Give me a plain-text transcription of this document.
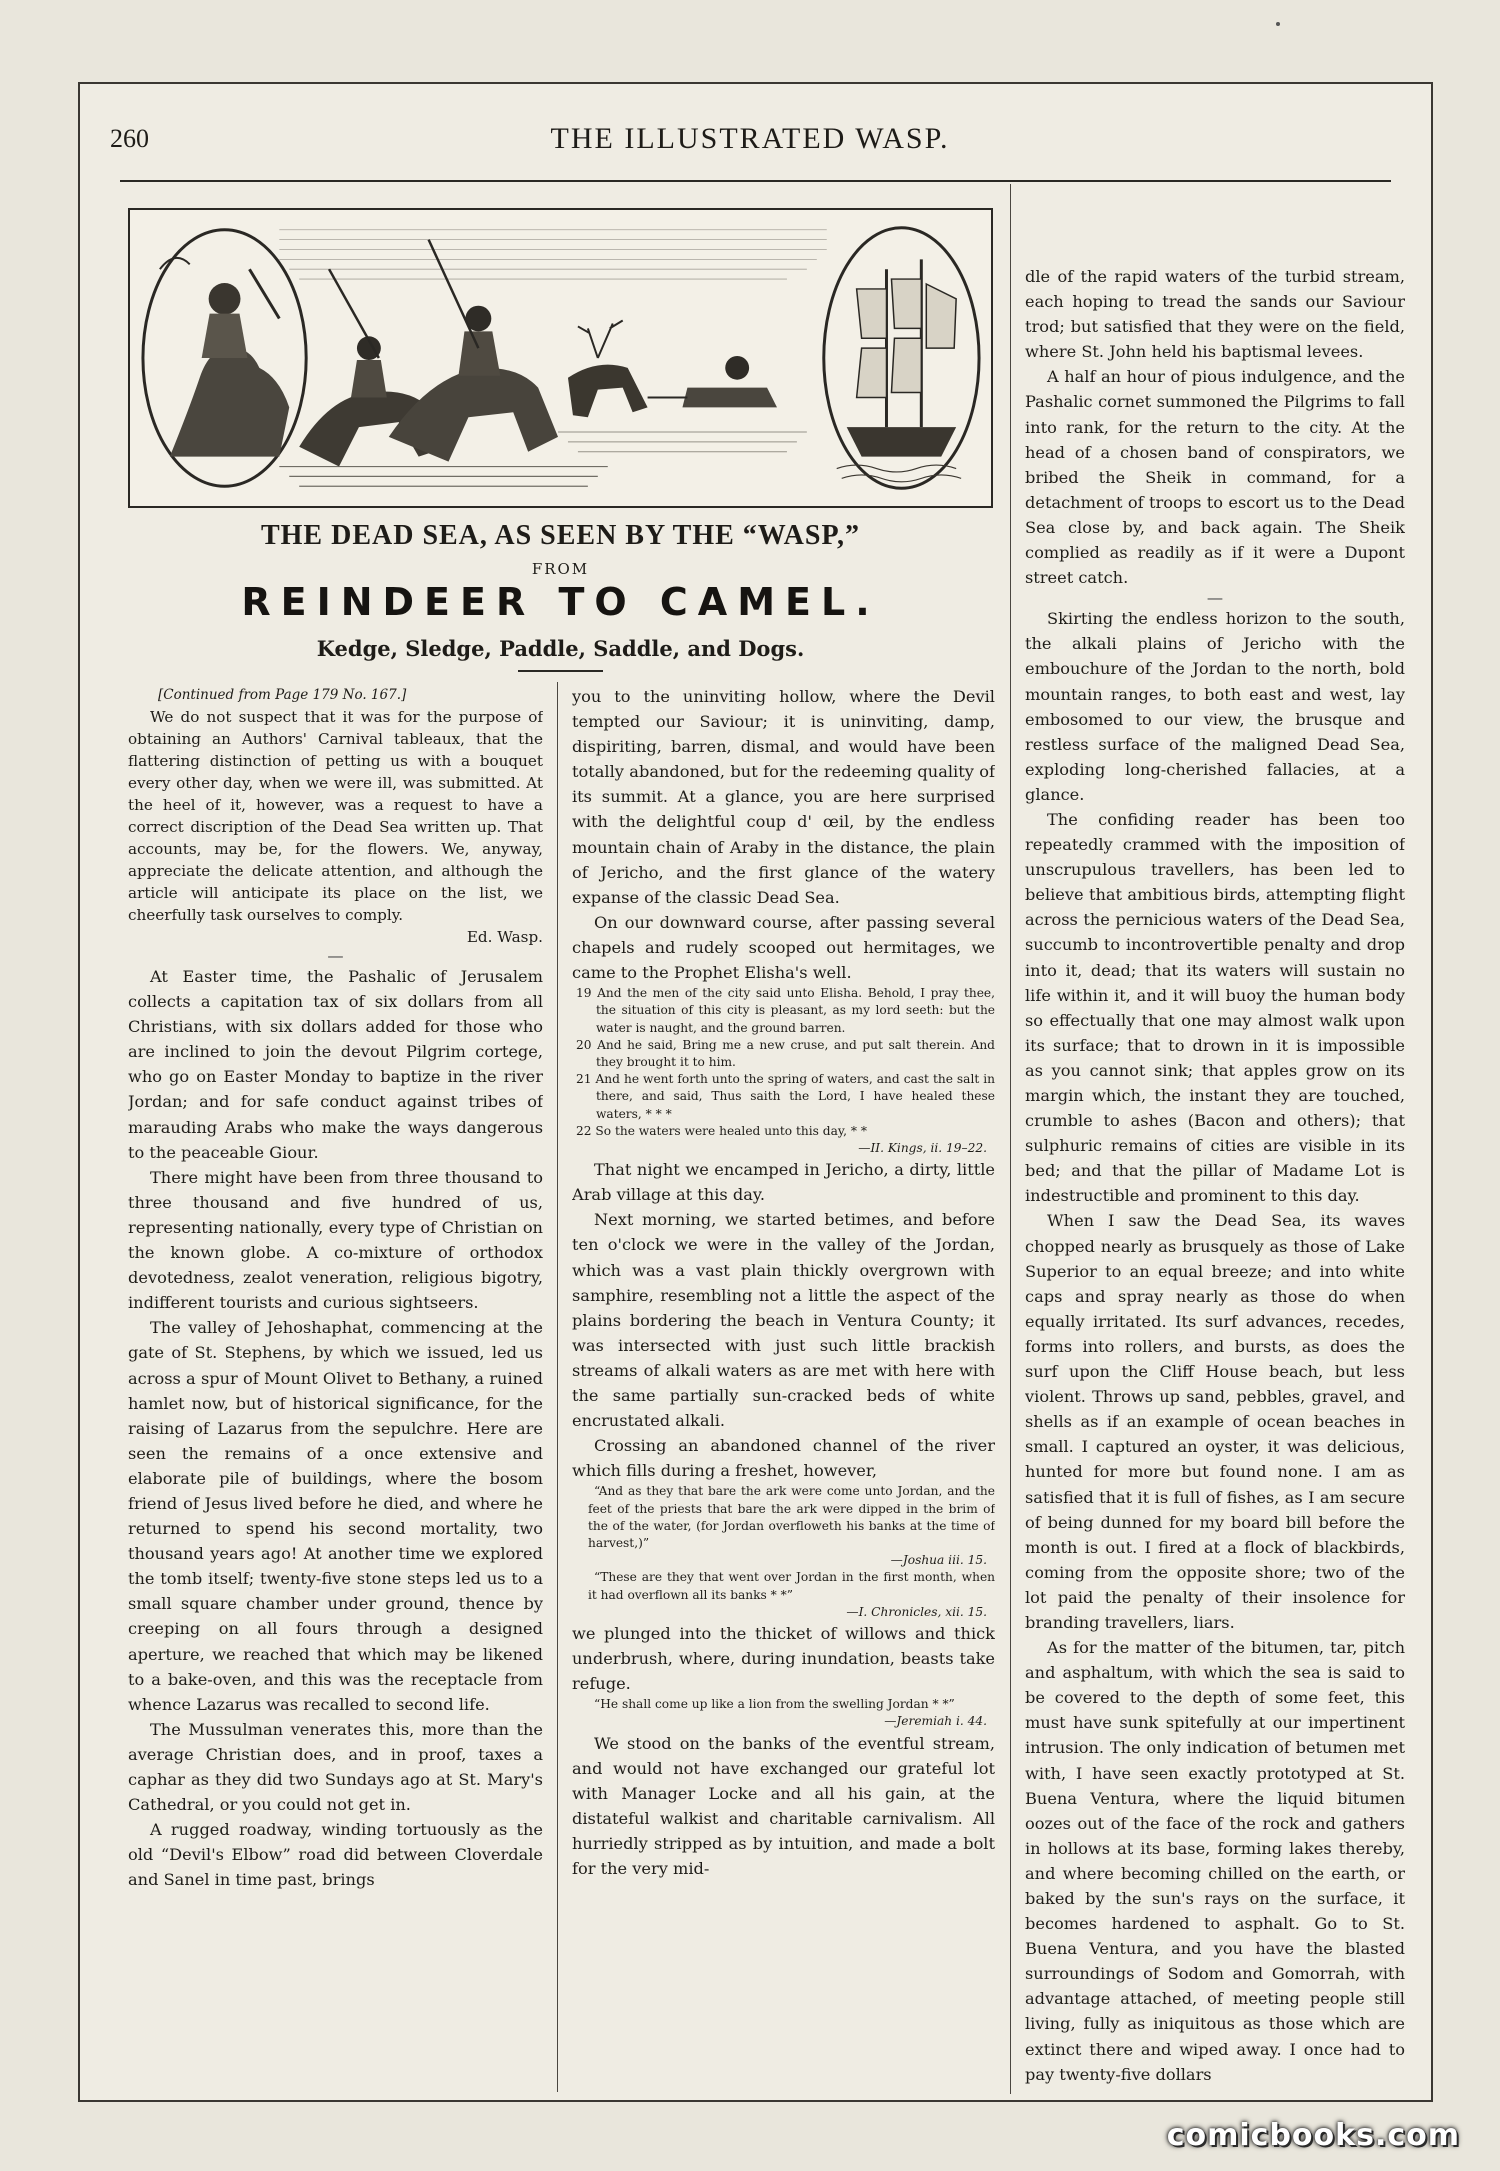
260	THE ILLUSTRATED WASP.
THE DEAD SEA, AS SEEN BY THE “WASP,”
FROM
REINDEER TO CAMEL.
Kedge, Sledge, Paddle, Saddle, and Dogs.

[Continued from Page 179 No. 167.]

We do not suspect that it was for the purpose of obtaining an Authors' Carnival tableaux, that the flattering distinction of petting us with a bouquet every other day, when we were ill, was submitted. At the heel of it, however, was a request to have a correct discription of the Dead Sea written up. That accounts, may be, for the flowers. We, anyway, appreciate the delicate attention, and although the article will anticipate its place on the list, we cheerfully task ourselves to comply.
Ed. Wasp.

—

At Easter time, the Pashalic of Jerusalem collects a capitation tax of six dollars from all Christians, with six dollars added for those who are inclined to join the devout Pilgrim cortege, who go on Easter Monday to baptize in the river Jordan; and for safe conduct against tribes of marauding Arabs who make the ways dangerous to the peaceable Giour.

There might have been from three thousand to three thousand and five hundred of us, representing nationally, every type of Christian on the known globe. A co-mixture of orthodox devotedness, zealot veneration, religious bigotry, indifferent tourists and curious sightseers.

The valley of Jehoshaphat, commencing at the gate of St. Stephens, by which we issued, led us across a spur of Mount Olivet to Bethany, a ruined hamlet now, but of historical significance, for the raising of Lazarus from the sepulchre. Here are seen the remains of a once extensive and elaborate pile of buildings, where the bosom friend of Jesus lived before he died, and where he returned to spend his second mortality, two thousand years ago! At another time we explored the tomb itself; twenty-five stone steps led us to a small square chamber under ground, thence by creeping on all fours through a designed aperture, we reached that which may be likened to a bake-oven, and this was the receptacle from whence Lazarus was recalled to second life.

The Mussulman venerates this, more than the average Christian does, and in proof, taxes a caphar as they did two Sundays ago at St. Mary's Cathedral, or you could not get in.

A rugged roadway, winding tortuously as the old “Devil's Elbow” road did between Cloverdale and Sanel in time past, brings

you to the uninviting hollow, where the Devil tempted our Saviour; it is uninviting, damp, dispiriting, barren, dismal, and would have been totally abandoned, but for the redeeming quality of its summit. At a glance, you are here surprised with the delightful coup d' œil, by the endless mountain chain of Araby in the distance, the plain of Jericho, and the first glance of the watery expanse of the classic Dead Sea.

On our downward course, after passing several chapels and rudely scooped out hermitages, we came to the Prophet Elisha's well.

19 And the men of the city said unto Elisha. Behold, I pray thee, the situation of this city is pleasant, as my lord seeth: but the water is naught, and the ground barren.

20 And he said, Bring me a new cruse, and put salt therein. And they brought it to him.

21 And he went forth unto the spring of waters, and cast the salt in there, and said, Thus saith the Lord, I have healed these waters, * * *

22 So the waters were healed unto this day, * *

—II. Kings, ii. 19–22.

That night we encamped in Jericho, a dirty, little Arab village at this day.

Next morning, we started betimes, and before ten o'clock we were in the valley of the Jordan, which was a vast plain thickly overgrown with samphire, resembling not a little the aspect of the plains bordering the beach in Ventura County; it was intersected with just such little brackish streams of alkali waters as are met with here with the same partially sun-cracked beds of white encrustated alkali.

Crossing an abandoned channel of the river which fills during a freshet, however,

“And as they that bare the ark were come unto Jordan, and the feet of the priests that bare the ark were dipped in the brim of the of the water, (for Jordan overfloweth his banks at the time of harvest,)”

—Joshua iii. 15.

“These are they that went over Jordan in the first month, when it had overflown all its banks * *”

—I. Chronicles, xii. 15.

we plunged into the thicket of willows and thick underbrush, where, during inundation, beasts take refuge.

“He shall come up like a lion from the swelling Jordan * *”

—Jeremiah i. 44.

We stood on the banks of the eventful stream, and would not have exchanged our grateful lot with Manager Locke and all his gain, at the distateful walkist and charitable carnivalism. All hurriedly stripped as by intuition, and made a bolt for the very mid-

dle of the rapid waters of the turbid stream, each hoping to tread the sands our Saviour trod; but satisfied that they were on the field, where St. John held his baptismal levees.

A half an hour of pious indulgence, and the Pashalic cornet summoned the Pilgrims to fall into rank, for the return to the city. At the head of a chosen band of conspirators, we bribed the Sheik in command, for a detachment of troops to escort us to the Dead Sea close by, and back again. The Sheik complied as readily as if it were a Dupont street catch.

—

Skirting the endless horizon to the south, the alkali plains of Jericho with the embouchure of the Jordan to the north, bold mountain ranges, to both east and west, lay embosomed to our view, the brusque and restless surface of the maligned Dead Sea, exploding long-cherished fallacies, at a glance.

The confiding reader has been too repeatedly crammed with the imposition of unscrupulous travellers, has been led to believe that ambitious birds, attempting flight across the pernicious waters of the Dead Sea, succumb to incontrovertible penalty and drop into it, dead; that its waters will sustain no life within it, and it will buoy the human body so effectually that one may almost walk upon its surface; that to drown in it is impossible as you cannot sink; that apples grow on its margin which, the instant they are touched, crumble to ashes (Bacon and others); that sulphuric remains of cities are visible in its bed; and that the pillar of Madame Lot is indestructible and prominent to this day.

When I saw the Dead Sea, its waves chopped nearly as brusquely as those of Lake Superior to an equal breeze; and into white caps and spray nearly as those do when equally irritated. Its surf advances, recedes, forms into rollers, and bursts, as does the surf upon the Cliff House beach, but less violent. Throws up sand, pebbles, gravel, and shells as if an example of ocean beaches in small. I captured an oyster, it was delicious, hunted for more but found none. I am as satisfied that it is full of fishes, as I am secure of being dunned for my board bill before the month is out. I fired at a flock of blackbirds, coming from the opposite shore; two of the lot paid the penalty of their insolence for branding travellers, liars.

As for the matter of the bitumen, tar, pitch and asphaltum, with which the sea is said to be covered to the depth of some feet, this must have sunk spitefully at our impertinent intrusion. The only indication of betumen met with, I have seen exactly prototyped at St. Buena Ventura, where the liquid bitumen oozes out of the face of the rock and gathers in hollows at its base, forming lakes thereby, and where becoming chilled on the earth, or baked by the sun's rays on the surface, it becomes hardened to asphalt. Go to St. Buena Ventura, and you have the blasted surroundings of Sodom and Gomorrah, with advantage attached, of meeting people still living, fully as iniquitous as those which are extinct there and wiped away. I once had to pay twenty-five dollars

comicbooks.com
